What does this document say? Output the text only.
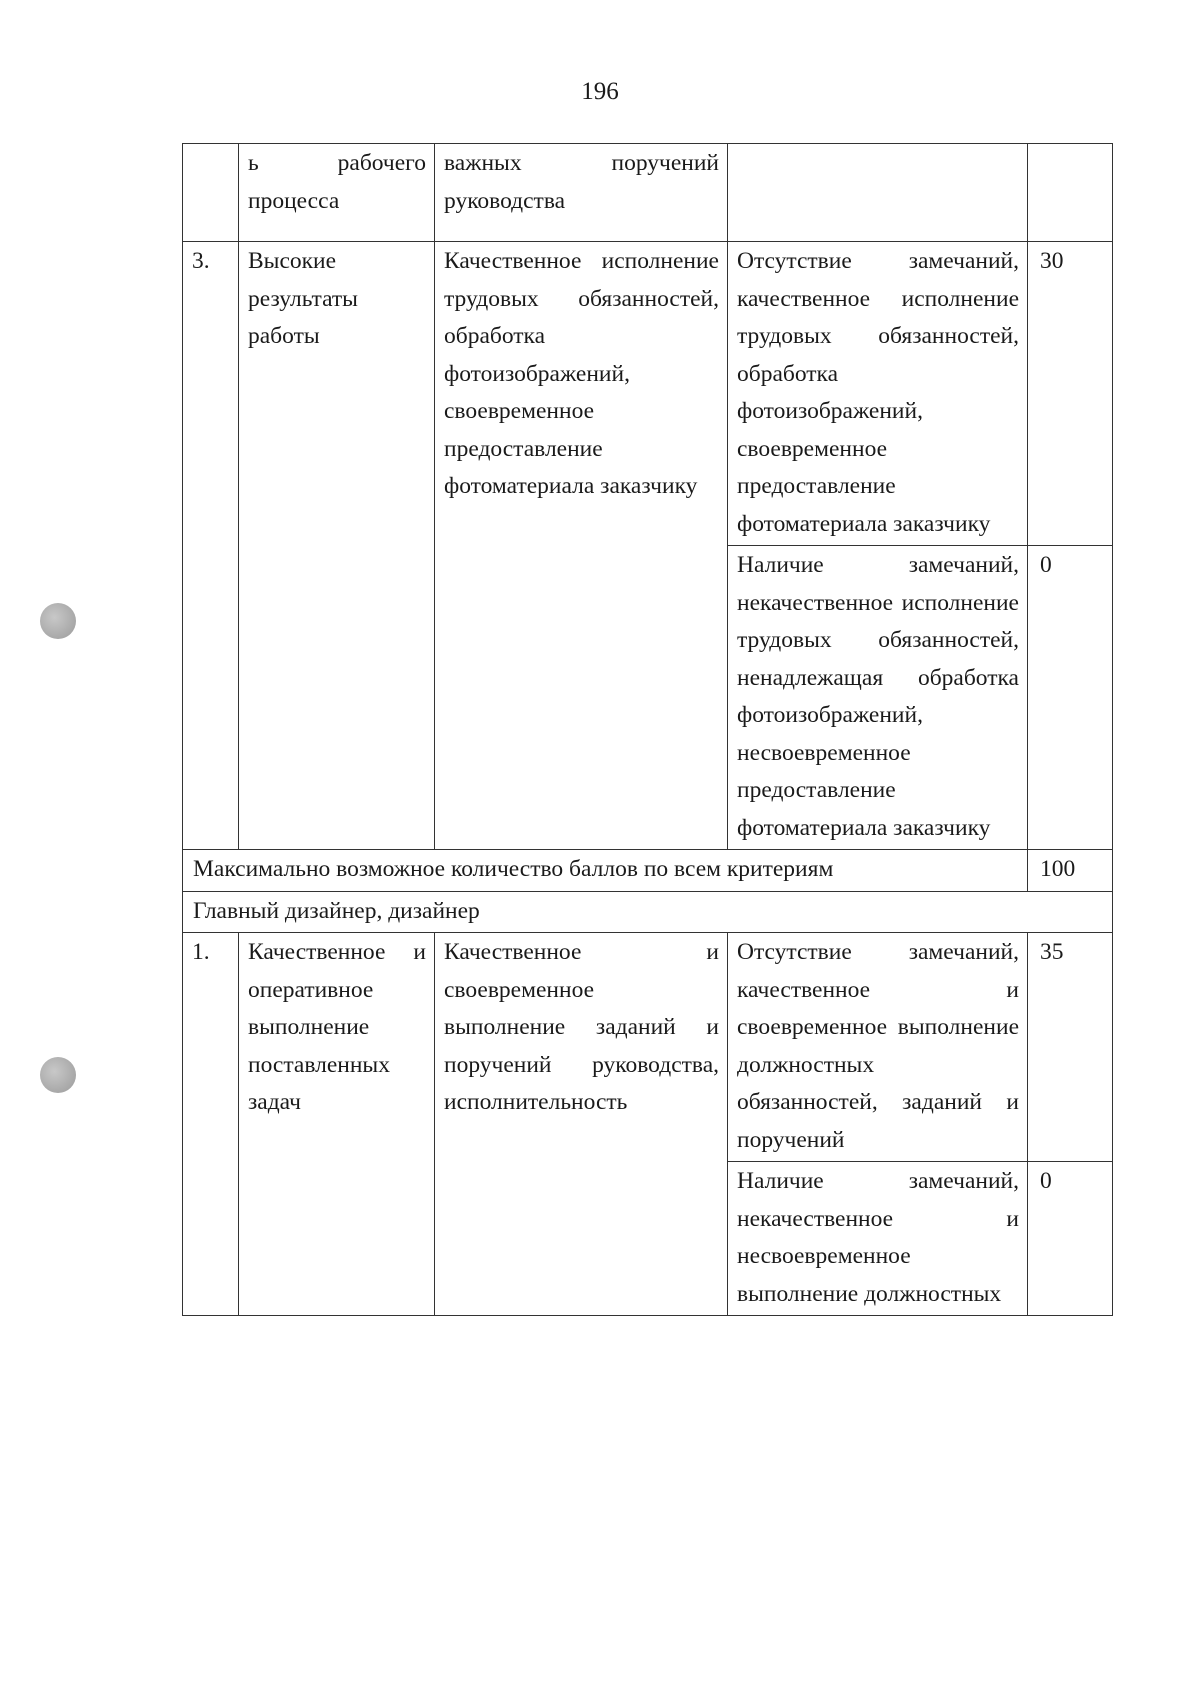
196
	ь рабочего процесса	важных поручений руководства		
3.	Высокие результаты работы	Качественное исполнение трудовых обязанностей, обработка фотоизображений, своевременное предоставление фотоматериала заказчику	Отсутствие замечаний, качественное исполнение трудовых обязанностей, обработка фотоизображений, своевременное предоставление фотоматериала заказчику	30
			Наличие замечаний, некачественное исполнение трудовых обязанностей, ненадлежащая обработка фотоизображений, несвоевременное предоставление фотоматериала заказчику	0
Максимально возможное количество баллов по всем критериям				100
Главный дизайнер, дизайнер				
1.	Качественное и оперативное выполнение поставленных задач	Качественное и своевременное выполнение заданий и поручений руководства, исполнительность	Отсутствие замечаний, качественное и своевременное выполнение должностных обязанностей, заданий и поручений	35
			Наличие замечаний, некачественное и несвоевременное выполнение должностных	0
